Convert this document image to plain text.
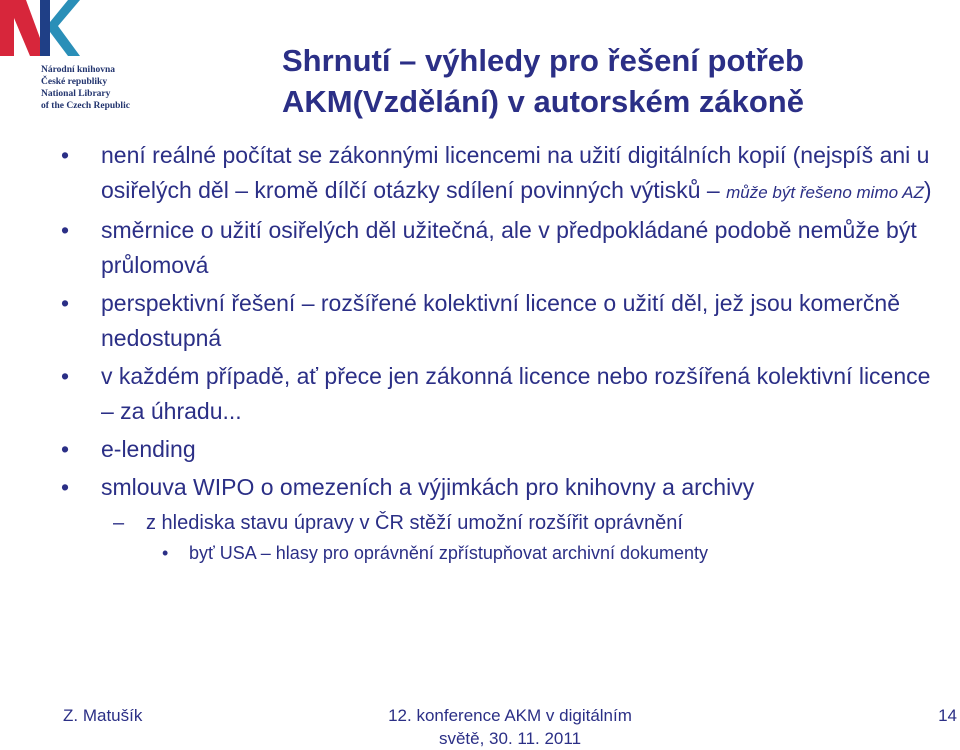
Národní knihovna
České republiky
National Library
of the Czech Republic
Shrnutí – výhledy pro řešení potřeb
AKM(Vzdělání) v autorském zákoně
• není reálné počítat se zákonnými licencemi na užití digitálních kopií (nejspíš ani u osiřelých děl – kromě dílčí otázky sdílení povinných výtisků – může být řešeno mimo AZ)
• směrnice o užití osiřelých děl užitečná, ale v předpokládané podobě nemůže být průlomová
• perspektivní řešení – rozšířené kolektivní licence o užití děl, jež jsou komerčně nedostupná
• v každém případě, ať přece jen zákonná licence nebo rozšířená kolektivní licence – za úhradu...
• e-lending
• smlouva WIPO o omezeních a výjimkách pro knihovny a archivy
– z hlediska stavu úpravy v ČR stěží umožní rozšířit oprávnění
• byť USA – hlasy pro oprávnění zpřístupňovat archivní dokumenty
Z. Matušík	12. konference AKM v digitálním
světě, 30. 11. 2011
14
